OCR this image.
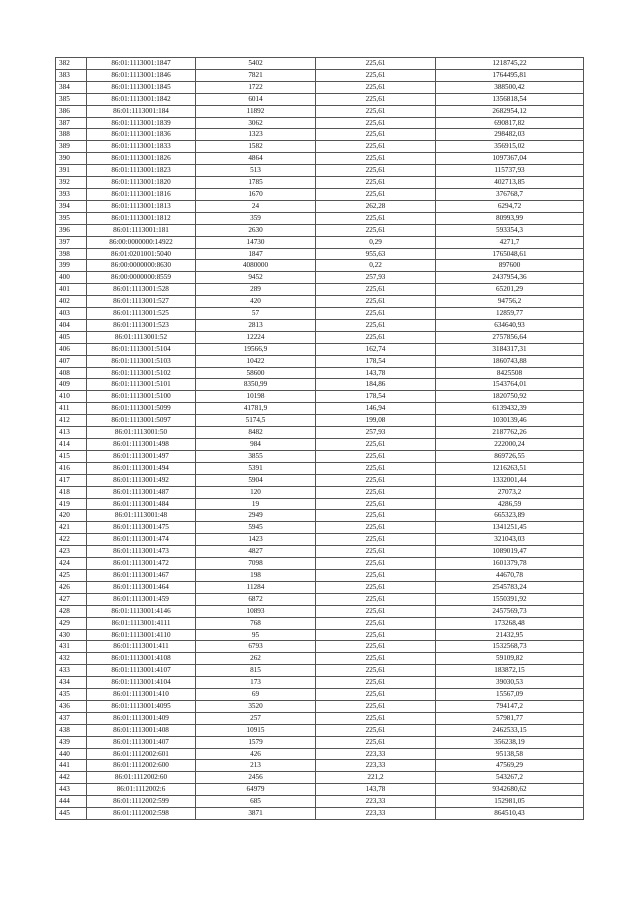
382	86:01:1113001:1847	5402	225,61	1218745,22
383	86:01:1113001:1846	7821	225,61	1764495,81
384	86:01:1113001:1845	1722	225,61	388500,42
385	86:01:1113001:1842	6014	225,61	1356818,54
386	86:01:1113001:184	11892	225,61	2682954,12
387	86:01:1113001:1839	3062	225,61	690817,82
388	86:01:1113001:1836	1323	225,61	298482,03
389	86:01:1113001:1833	1582	225,61	356915,02
390	86:01:1113001:1826	4864	225,61	1097367,04
391	86:01:1113001:1823	513	225,61	115737,93
392	86:01:1113001:1820	1785	225,61	402713,85
393	86:01:1113001:1816	1670	225,61	376768,7
394	86:01:1113001:1813	24	262,28	6294,72
395	86:01:1113001:1812	359	225,61	80993,99
396	86:01:1113001:181	2630	225,61	593354,3
397	86:00:0000000:14922	14730	0,29	4271,7
398	86:01:0201001:5040	1847	955,63	1765048,61
399	86:00:0000000:8630	4080000	0,22	897600
400	86:00:0000000:8559	9452	257,93	2437954,36
401	86:01:1113001:528	289	225,61	65201,29
402	86:01:1113001:527	420	225,61	94756,2
403	86:01:1113001:525	57	225,61	12859,77
404	86:01:1113001:523	2813	225,61	634640,93
405	86:01:1113001:52	12224	225,61	2757856,64
406	86:01:1113001:5104	19566,9	162,74	3184317,31
407	86:01:1113001:5103	10422	178,54	1860743,88
408	86:01:1113001:5102	58600	143,78	8425508
409	86:01:1113001:5101	8350,99	184,86	1543764,01
410	86:01:1113001:5100	10198	178,54	1820750,92
411	86:01:1113001:5099	41781,9	146,94	6139432,39
412	86:01:1113001:5097	5174,5	199,08	1030139,46
413	86:01:1113001:50	8482	257,93	2187762,26
414	86:01:1113001:498	984	225,61	222000,24
415	86:01:1113001:497	3855	225,61	869726,55
416	86:01:1113001:494	5391	225,61	1216263,51
417	86:01:1113001:492	5904	225,61	1332001,44
418	86:01:1113001:487	120	225,61	27073,2
419	86:01:1113001:484	19	225,61	4286,59
420	86:01:1113001:48	2949	225,61	665323,89
421	86:01:1113001:475	5945	225,61	1341251,45
422	86:01:1113001:474	1423	225,61	321043,03
423	86:01:1113001:473	4827	225,61	1089019,47
424	86:01:1113001:472	7098	225,61	1601379,78
425	86:01:1113001:467	198	225,61	44670,78
426	86:01:1113001:464	11284	225,61	2545783,24
427	86:01:1113001:459	6872	225,61	1550391,92
428	86:01:1113001:4146	10893	225,61	2457569,73
429	86:01:1113001:4111	768	225,61	173268,48
430	86:01:1113001:4110	95	225,61	21432,95
431	86:01:1113001:411	6793	225,61	1532568,73
432	86:01:1113001:4108	262	225,61	59109,82
433	86:01:1113001:4107	815	225,61	183872,15
434	86:01:1113001:4104	173	225,61	39030,53
435	86:01:1113001:410	69	225,61	15567,09
436	86:01:1113001:4095	3520	225,61	794147,2
437	86:01:1113001:409	257	225,61	57981,77
438	86:01:1113001:408	10915	225,61	2462533,15
439	86:01:1113001:407	1579	225,61	356238,19
440	86:01:1112002:601	426	223,33	95138,58
441	86:01:1112002:600	213	223,33	47569,29
442	86:01:1112002:60	2456	221,2	543267,2
443	86:01:1112002:6	64979	143,78	9342680,62
444	86:01:1112002:599	685	223,33	152981,05
445	86:01:1112002:598	3871	223,33	864510,43
